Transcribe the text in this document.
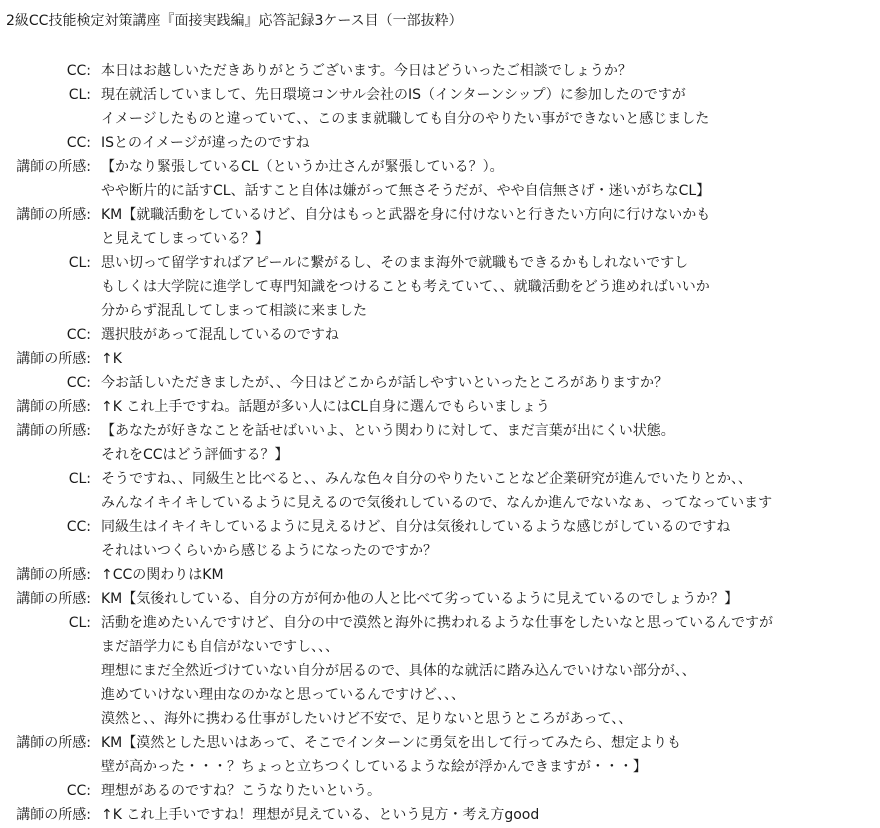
2級CC技能検定対策講座『面接実践編』応答記録3ケース目（一部抜粋）
CC: 本日はお越しいただきありがとうございます。今日はどういったご相談でしょうか？
CL: 現在就活していまして、先日環境コンサル会社のIS（インターンシップ）に参加したのですが
イメージしたものと違っていて、、このまま就職しても自分のやりたい事ができないと感じました
CC: ISとのイメージが違ったのですね
講師の所感: 【かなり緊張しているCL（というか辻さんが緊張している？）。
やや断片的に話すCL、話すこと自体は嫌がって無さそうだが、やや自信無さげ・迷いがちなCL】
講師の所感: KM【就職活動をしているけど、自分はもっと武器を身に付けないと行きたい方向に行けないかも
と見えてしまっている？】
CL: 思い切って留学すればアピールに繋がるし、そのまま海外で就職もできるかもしれないですし
もしくは大学院に進学して専門知識をつけることも考えていて、、就職活動をどう進めればいいか
分からず混乱してしまって相談に来ました
CC: 選択肢があって混乱しているのですね
講師の所感: ↑K
CC: 今お話しいただきましたが、、今日はどこからが話しやすいといったところがありますか？
講師の所感: ↑K これ上手ですね。話題が多い人にはCL自身に選んでもらいましょう
講師の所感: 【あなたが好きなことを話せばいいよ、という関わりに対して、まだ言葉が出にくい状態。
それをCCはどう評価する？】
CL: そうですね、、同級生と比べると、、みんな色々自分のやりたいことなど企業研究が進んでいたりとか、、
みんなイキイキしているように見えるので気後れしているので、なんか進んでないなぁ、ってなっています
CC: 同級生はイキイキしているように見えるけど、自分は気後れしているような感じがしているのですね
それはいつくらいから感じるようになったのですか？
講師の所感: ↑CCの関わりはKM
講師の所感: KM【気後れしている、自分の方が何か他の人と比べて劣っているように見えているのでしょうか？】
CL: 活動を進めたいんですけど、自分の中で漠然と海外に携われるような仕事をしたいなと思っているんですが
まだ語学力にも自信がないですし、、、
理想にまだ全然近づけていない自分が居るので、具体的な就活に踏み込んでいけない部分が、、
進めていけない理由なのかなと思っているんですけど、、、
漠然と、、海外に携わる仕事がしたいけど不安で、足りないと思うところがあって、、
講師の所感: KM【漠然とした思いはあって、そこでインターンに勇気を出して行ってみたら、想定よりも
壁が高かった・・・？ちょっと立ちつくしているような絵が浮かんできますが・・・】
CC: 理想があるのですね？こうなりたいという。
講師の所感: ↑K これ上手いですね！理想が見えている、という見方・考え方good
